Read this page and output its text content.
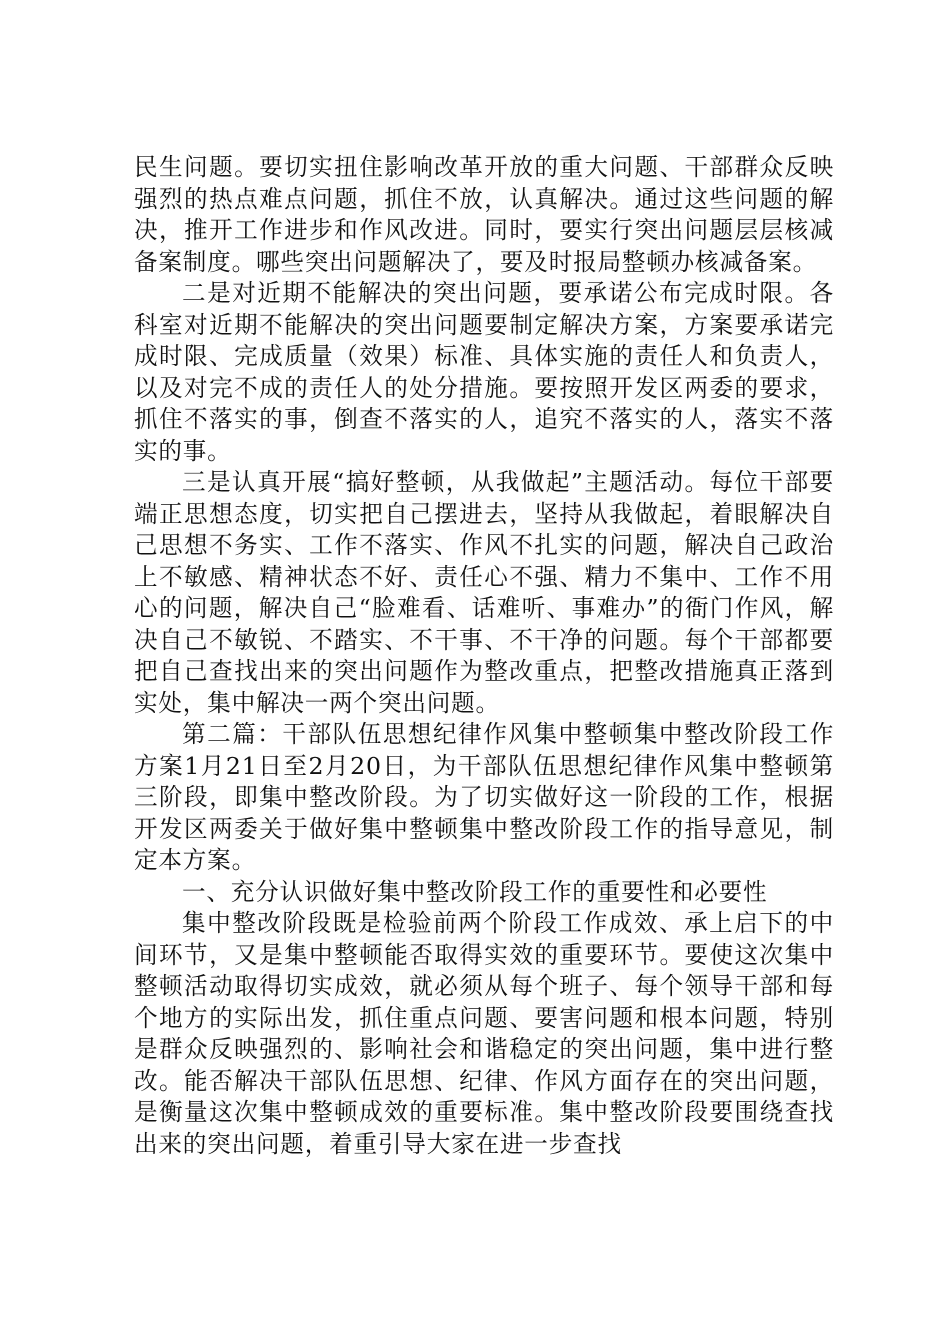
民生问题。要切实扭住影响改革开放的重大问题、干部群众反映强烈的热点难点问题，抓住不放，认真解决。通过这些问题的解决，推开工作进步和作风改进。同时，要实行突出问题层层核减备案制度。哪些突出问题解决了，要及时报局整顿办核减备案。

二是对近期不能解决的突出问题，要承诺公布完成时限。各科室对近期不能解决的突出问题要制定解决方案，方案要承诺完成时限、完成质量（效果）标准、具体实施的责任人和负责人，以及对完不成的责任人的处分措施。要按照开发区两委的要求，抓住不落实的事，倒查不落实的人，追究不落实的人，落实不落实的事。

三是认真开展“搞好整顿，从我做起”主题活动。每位干部要端正思想态度，切实把自己摆进去，坚持从我做起，着眼解决自己思想不务实、工作不落实、作风不扎实的问题，解决自己政治上不敏感、精神状态不好、责任心不强、精力不集中、工作不用心的问题，解决自己“脸难看、话难听、事难办”的衙门作风，解决自己不敏锐、不踏实、不干事、不干净的问题。每个干部都要把自己查找出来的突出问题作为整改重点，把整改措施真正落到实处，集中解决一两个突出问题。

第二篇：干部队伍思想纪律作风集中整顿集中整改阶段工作方案1月21日至2月20日，为干部队伍思想纪律作风集中整顿第三阶段，即集中整改阶段。为了切实做好这一阶段的工作，根据开发区两委关于做好集中整顿集中整改阶段工作的指导意见，制定本方案。

一、充分认识做好集中整改阶段工作的重要性和必要性

集中整改阶段既是检验前两个阶段工作成效、承上启下的中间环节，又是集中整顿能否取得实效的重要环节。要使这次集中整顿活动取得切实成效，就必须从每个班子、每个领导干部和每个地方的实际出发，抓住重点问题、要害问题和根本问题，特别是群众反映强烈的、影响社会和谐稳定的突出问题，集中进行整改。能否解决干部队伍思想、纪律、作风方面存在的突出问题，是衡量这次集中整顿成效的重要标准。集中整改阶段要围绕查找出来的突出问题，着重引导大家在进一步查找
